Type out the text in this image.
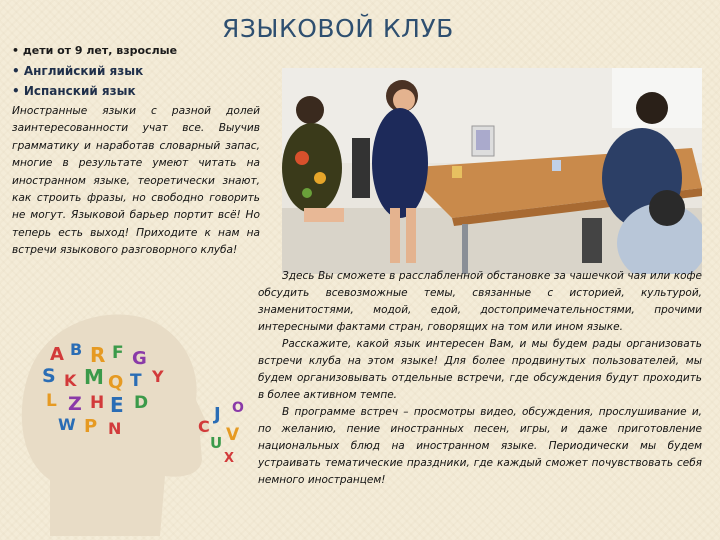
ЯЗЫКОВОЙ КЛУБ
• дети от 9 лет, взрослые
• Английский язык
• Испанский язык
Иностранные языки с разной долей заинтересованности учат все. Выучив грамматику и наработав словарный запас, многие в результате умеют читать на иностранном языке, теоретически знают, как строить фразы, но свободно говорить не могут. Языковой барьер портит всё! Но теперь есть выход! Приходите к нам на встречи языкового разговорного клуба!
A B R F G
S K M Q T Y
L Z H E D
W P N	C
J
U V
O
X

Здесь Вы сможете в расслабленной обстановке за чашечкой чая или кофе обсудить всевозможные темы, связанные с историей, культурой, знаменитостями, модой, едой, достопримечательностями, прочими интересными фактами стран, говорящих на том или ином языке.

Расскажите, какой язык интересен Вам, и мы будем рады организовать встречи клуба на этом языке! Для более продвинутых пользователей, мы будем организовывать отдельные встречи, где обсуждения будут проходить в более активном темпе.

В программе встреч – просмотры видео, обсуждения, прослушивание и, по желанию, пение иностранных песен, игры, и даже приготовление национальных блюд на иностранном языке. Периодически мы будем устраивать тематические праздники, где каждый сможет почувствовать себя немного иностранцем!
